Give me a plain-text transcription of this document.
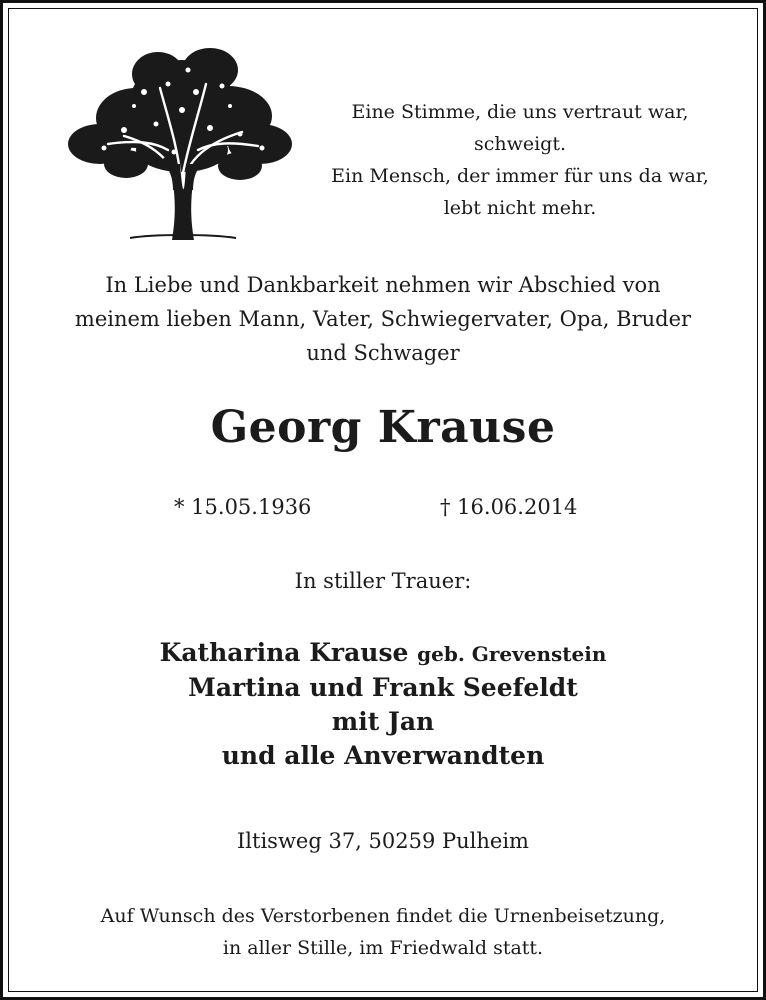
Eine Stimme, die uns vertraut war,
schweigt.
Ein Mensch, der immer für uns da war,
lebt nicht mehr.
In Liebe und Dankbarkeit nehmen wir Abschied von
meinem lieben Mann, Vater, Schwiegervater, Opa, Bruder
und Schwager
Georg Krause
* 15.05.1936	† 16.06.2014
In stiller Trauer:
Katharina Krause geb. Grevenstein
Martina und Frank Seefeldt
mit Jan
und alle Anverwandten
Iltisweg 37, 50259 Pulheim
Auf Wunsch des Verstorbenen findet die Urnenbeisetzung,
in aller Stille, im Friedwald statt.
